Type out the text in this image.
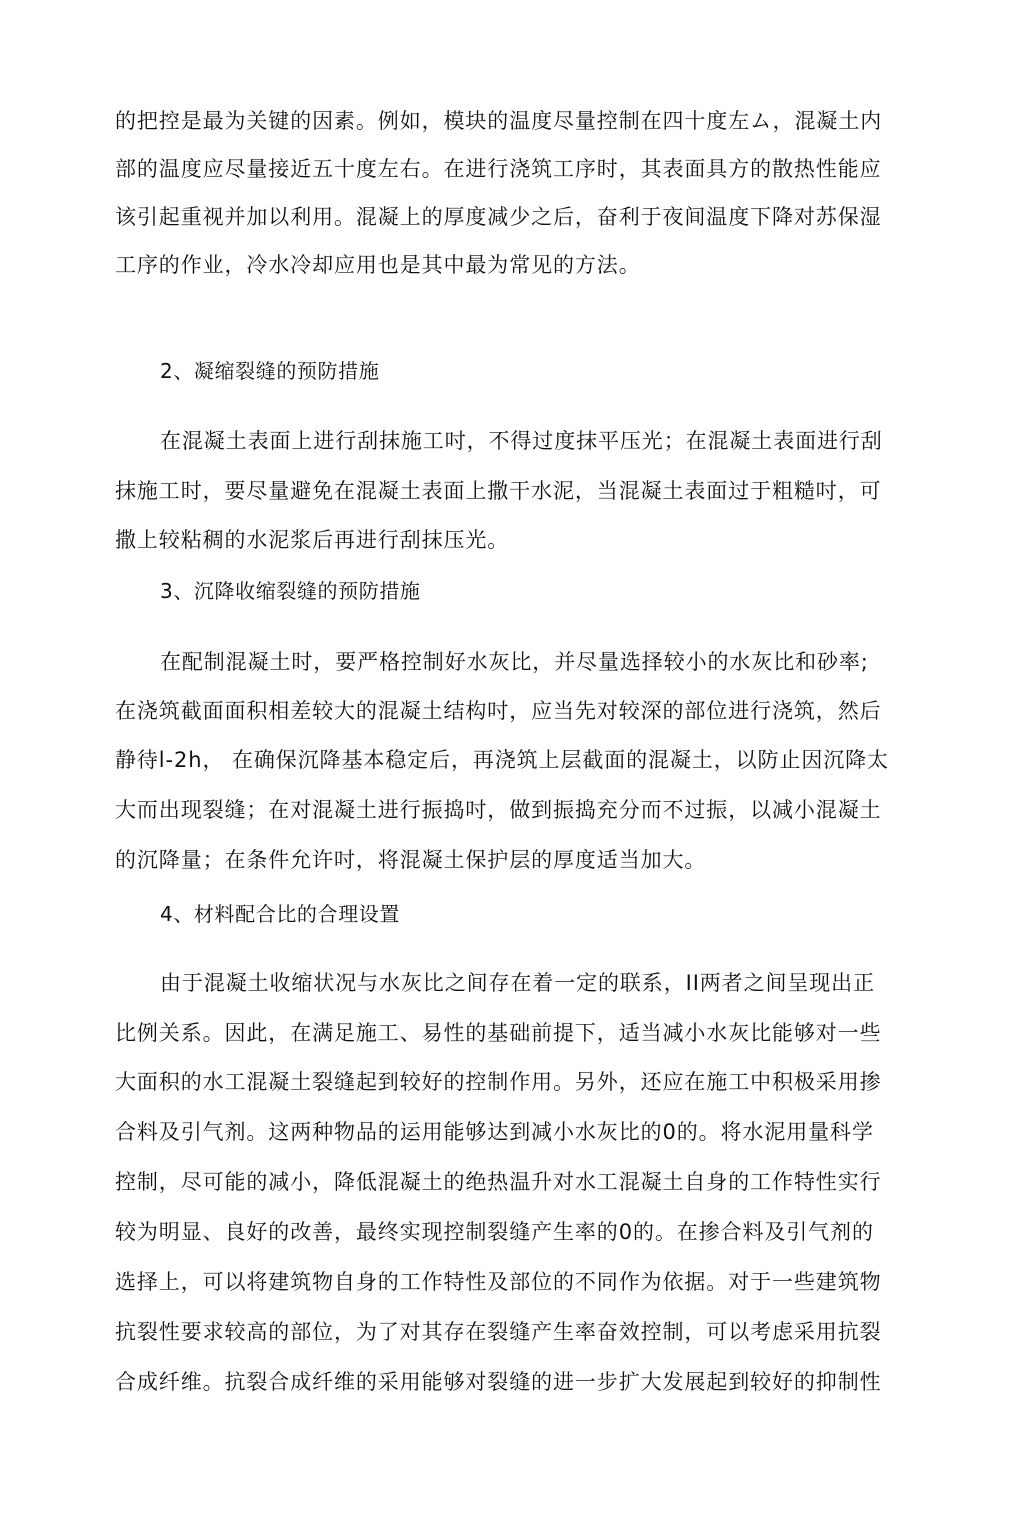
的把控是最为关键的因素。例如，模块的温度尽量控制在四十度左ム，混凝土内
部的温度应尽量接近五十度左右。在进行浇筑工序时，其表面具方的散热性能应
该引起重视并加以利用。混凝上的厚度减少之后，奋利于夜间温度下降对苏保湿
工序的作业，冷水冷却应用也是其中最为常见的方法。
2、凝缩裂缝的预防措施
在混凝土表面上进行刮抹施工吋，不得过度抹平压光；在混凝土表面进行刮
抹施工时，要尽量避免在混凝土表面上撒干水泥，当混凝土表面过于粗糙吋，可
撒上较粘稠的水泥浆后再进行刮抹压光。
3、沉降收缩裂缝的预防措施
在配制混凝土时，要严格控制好水灰比，并尽量选择较小的水灰比和砂率;
在浇筑截面面积相差较大的混凝土结构吋，应当先对较深的部位进行浇筑，然后
静待l-2h， 在确保沉降基本稳定后，再浇筑上层截面的混凝土，以防止因沉降太
大而出现裂缝；在对混凝土进行振捣吋，做到振捣充分而不过振，以减小混凝土
的沉降量；在条件允许吋，将混凝土保护层的厚度适当加大。
4、材料配合比的合理设置
由于混凝土收缩状况与水灰比之间存在着一定的联系，II两者之间呈现出正
比例关系。因此，在满足施工、易性的基础前提下，适当减小水灰比能够对一些
大面积的水工混凝土裂缝起到较好的控制作用。另外，还应在施工中积极采用掺
合料及引气剂。这两种物品的运用能够达到减小水灰比的0的。将水泥用量科学
控制，尽可能的减小，降低混凝土的绝热温升对水工混凝土自身的工作特性实行
较为明显、良好的改善，最终实现控制裂缝产生率的0的。在掺合料及引气剂的
选择上，可以将建筑物自身的工作特性及部位的不同作为依据。对于一些建筑物
抗裂性要求较高的部位，为了对其存在裂缝产生率奋效控制，可以考虑采用抗裂
合成纤维。抗裂合成纤维的采用能够对裂缝的进一步扩大发展起到较好的抑制性
